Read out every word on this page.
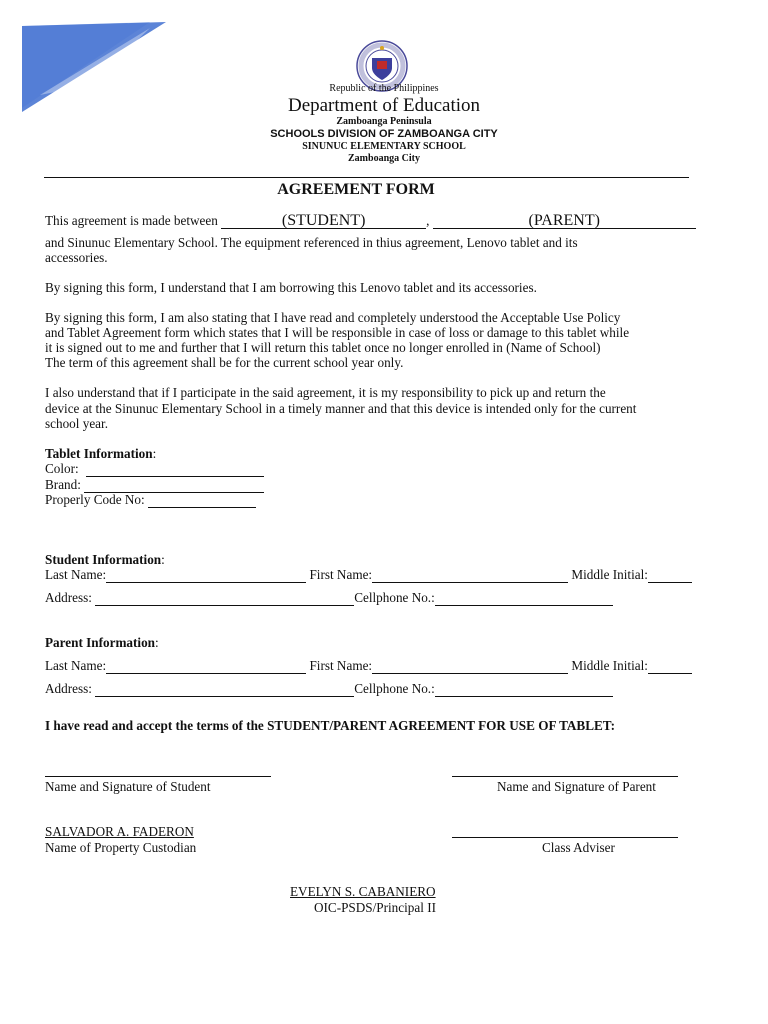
Republic of the Philippines
Department of Education
Zamboanga Peninsula
SCHOOLS DIVISION OF ZAMBOANGA CITY
SINUNUC ELEMENTARY SCHOOL
Zamboanga City
AGREEMENT FORM
This agreement is made between	(STUDENT)	,	(PARENT)
and Sinunuc Elementary School. The equipment referenced in thius agreement, Lenovo tablet and its
accessories.
By signing this form, I understand that I am borrowing this Lenovo tablet and its accessories.
By signing this form, I am also stating that I have read and completely understood the Acceptable Use Policy
and Tablet Agreement form which states that I will be responsible in case of loss or damage to this tablet while
it is signed out to me and further that I will return this tablet once no longer enrolled in (Name of School)
The term of this agreement shall be for the current school year only.
I also understand that if I participate in the said agreement, it is my responsibility to pick up and return the
device at the Sinunuc Elementary School in a timely manner and that this device is intended only for the current
school year.
Tablet Information:
Color:
Brand:
Properly Code No:
Student Information:
Last Name:	First Name:	Middle Initial:
Address:	Cellphone No.:
Parent Information:
Last Name:	First Name:	Middle Initial:
Address:	Cellphone No.:
I have read and accept the terms of the STUDENT/PARENT AGREEMENT FOR USE OF TABLET:
Name and Signature of Student	Name and Signature of Parent
SALVADOR A. FADERON
Name of Property Custodian	Class Adviser
EVELYN S. CABANIERO
OIC-PSDS/Principal II
